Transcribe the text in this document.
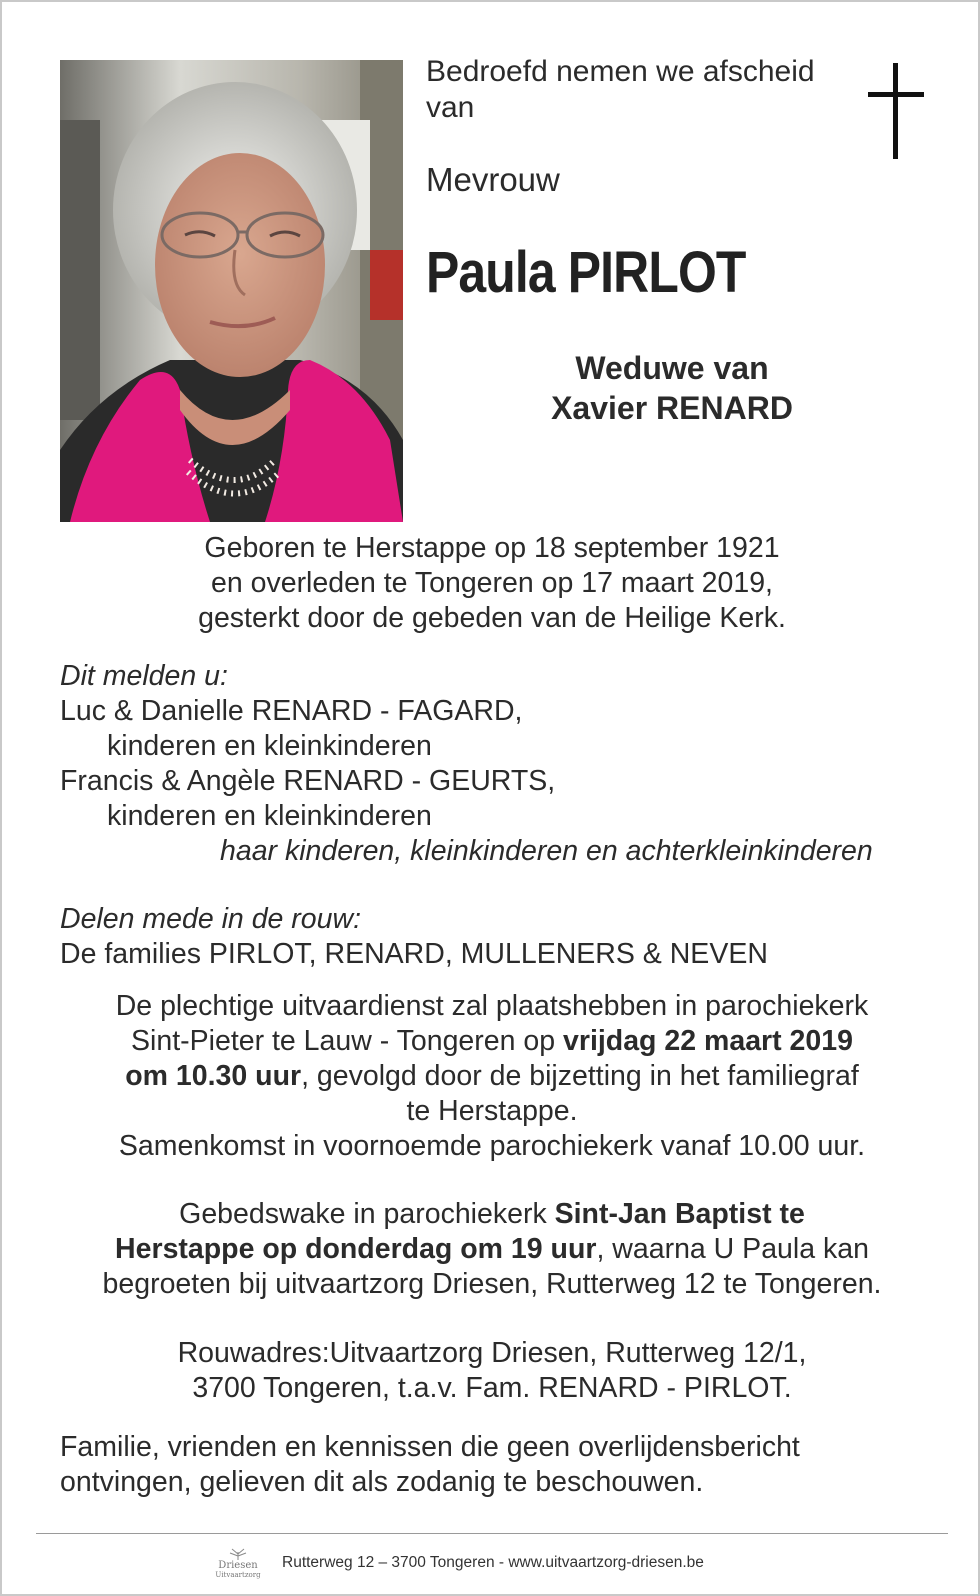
Bedroefd nemen we afscheid
van

Mevrouw

Paula PIRLOT

Weduwe van
Xavier RENARD

Geboren te Herstappe op 18 september 1921
en overleden te Tongeren op 17 maart 2019,
gesterkt door de gebeden van de Heilige Kerk.
Dit melden u:
Luc & Danielle RENARD - FAGARD,
kinderen en kleinkinderen
Francis & Angèle RENARD - GEURTS,
kinderen en kleinkinderen
haar kinderen, kleinkinderen en achterkleinkinderen
Delen mede in de rouw:
De families PIRLOT, RENARD, MULLENERS & NEVEN
De plechtige uitvaardienst zal plaatshebben in parochiekerk
Sint-Pieter te Lauw - Tongeren op vrijdag 22 maart 2019
om 10.30 uur, gevolgd door de bijzetting in het familiegraf
te Herstappe.
Samenkomst in voornoemde parochiekerk vanaf 10.00 uur.
Gebedswake in parochiekerk Sint-Jan Baptist te
Herstappe op donderdag om 19 uur, waarna U Paula kan
begroeten bij uitvaartzorg Driesen, Rutterweg 12 te Tongeren.
Rouwadres:Uitvaartzorg Driesen, Rutterweg 12/1,
3700 Tongeren, t.a.v. Fam. RENARD - PIRLOT.
Familie, vrienden en kennissen die geen overlijdensbericht
ontvingen, gelieven dit als zodanig te beschouwen.
Driesen
Uitvaartzorg
Rutterweg 12 – 3700 Tongeren - www.uitvaartzorg-driesen.be
